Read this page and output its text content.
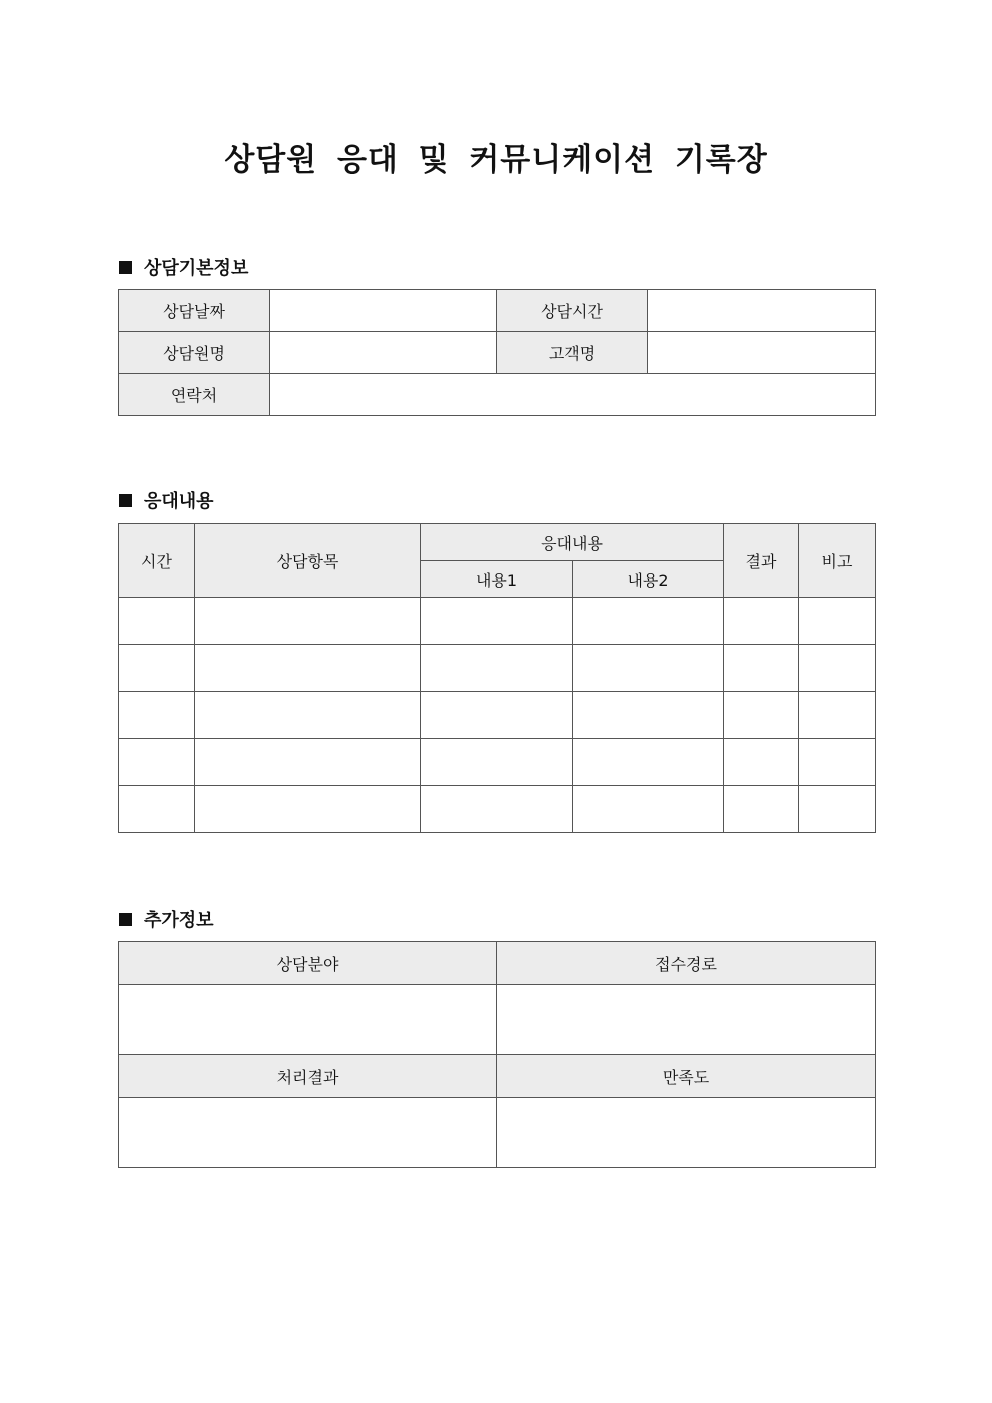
상담원 응대 및 커뮤니케이션 기록장
상담기본정보
상담날짜		상담시간	
상담원명		고객명	
연락처			
응대내용
시간	상담항목	응대내용		결과	비고
		내용1	내용2		

추가정보
상담분야	접수경로

처리결과	만족도
